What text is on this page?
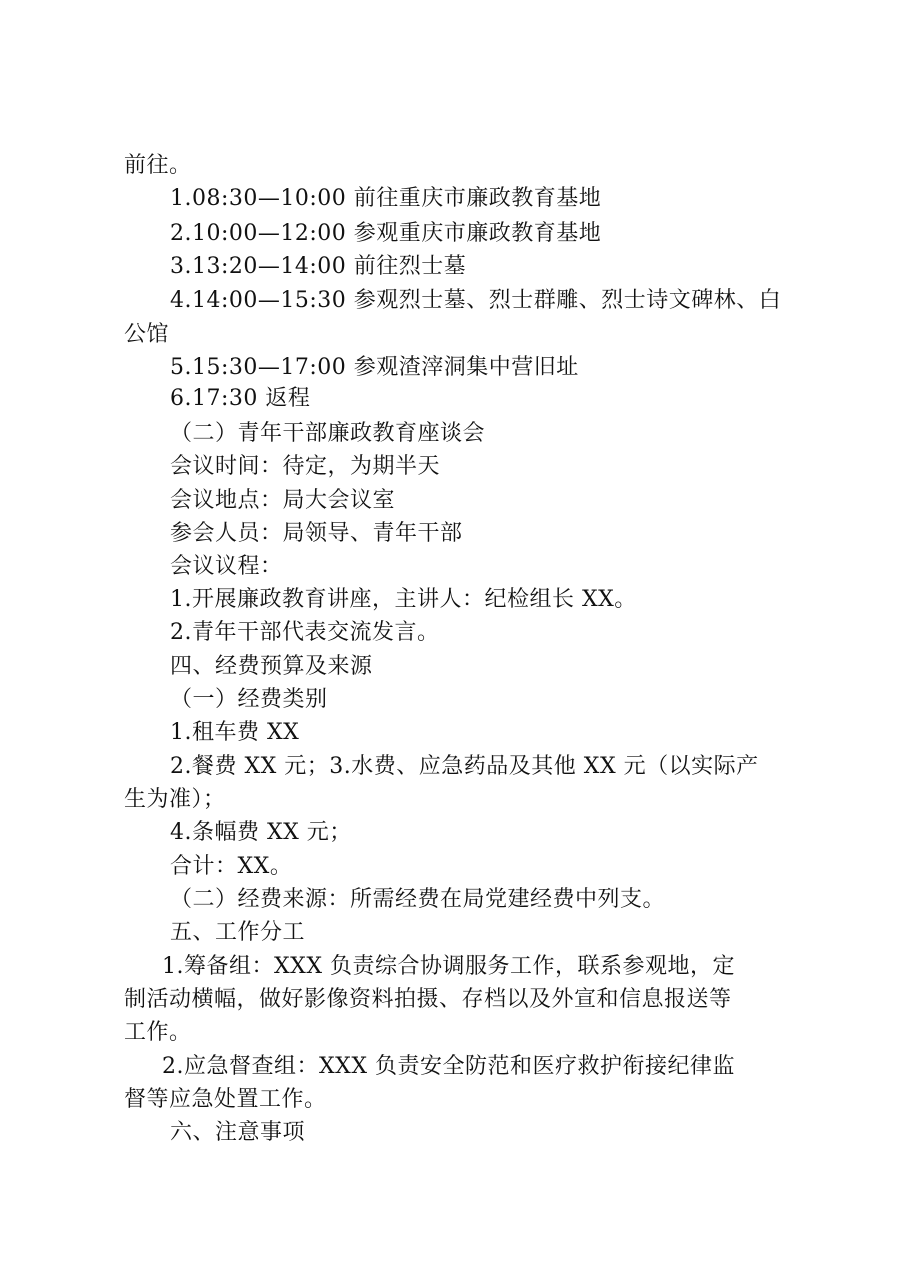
前往。
1.08:30—10:00 前往重庆市廉政教育基地
2.10:00—12:00 参观重庆市廉政教育基地
3.13:20—14:00 前往烈士墓
4.14:00—15:30 参观烈士墓、烈士群雕、烈士诗文碑林、白
公馆
5.15:30—17:00 参观渣滓洞集中营旧址
6.17:30 返程
（二）青年干部廉政教育座谈会
会议时间：待定，为期半天
会议地点：局大会议室
参会人员：局领导、青年干部
会议议程：
1.开展廉政教育讲座，主讲人：纪检组长 XX。
2.青年干部代表交流发言。
四、经费预算及来源
（一）经费类别
1.租车费 XX
2.餐费 XX 元；3.水费、应急药品及其他 XX 元（以实际产
生为准）；
4.条幅费 XX 元；
合计：XX。
（二）经费来源：所需经费在局党建经费中列支。
五、工作分工
1.筹备组：XXX 负责综合协调服务工作，联系参观地，定
制活动横幅，做好影像资料拍摄、存档以及外宣和信息报送等
工作。
2.应急督查组：XXX 负责安全防范和医疗救护衔接纪律监
督等应急处置工作。
六、注意事项
